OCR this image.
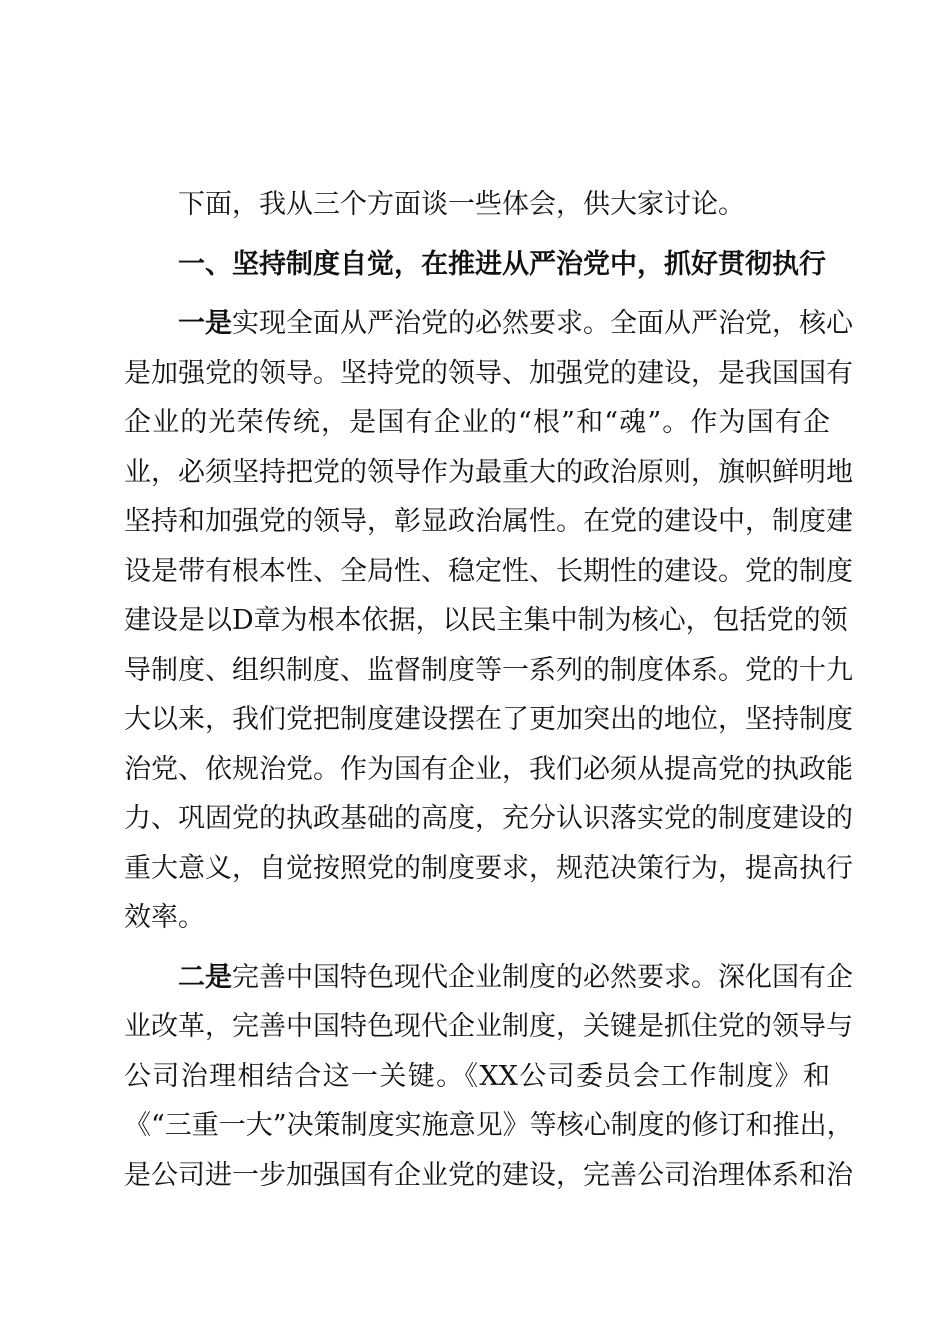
下面，我从三个方面谈一些体会，供大家讨论。
一、坚持制度自觉，在推进从严治党中，抓好贯彻执行
一是实现全面从严治党的必然要求。全面从严治党，核心
是加强党的领导。坚持党的领导、加强党的建设，是我国国有
企业的光荣传统，是国有企业的“根”和“魂”。作为国有企
业，必须坚持把党的领导作为最重大的政治原则，旗帜鲜明地
坚持和加强党的领导，彰显政治属性。在党的建设中，制度建
设是带有根本性、全局性、稳定性、长期性的建设。党的制度
建设是以D章为根本依据，以民主集中制为核心，包括党的领
导制度、组织制度、监督制度等一系列的制度体系。党的十九
大以来，我们党把制度建设摆在了更加突出的地位，坚持制度
治党、依规治党。作为国有企业，我们必须从提高党的执政能
力、巩固党的执政基础的高度，充分认识落实党的制度建设的
重大意义，自觉按照党的制度要求，规范决策行为，提高执行
效率。
二是完善中国特色现代企业制度的必然要求。深化国有企
业改革，完善中国特色现代企业制度，关键是抓住党的领导与
公司治理相结合这一关键。《XX公司委员会工作制度》和
《“三重一大”决策制度实施意见》等核心制度的修订和推出，
是公司进一步加强国有企业党的建设，完善公司治理体系和治
